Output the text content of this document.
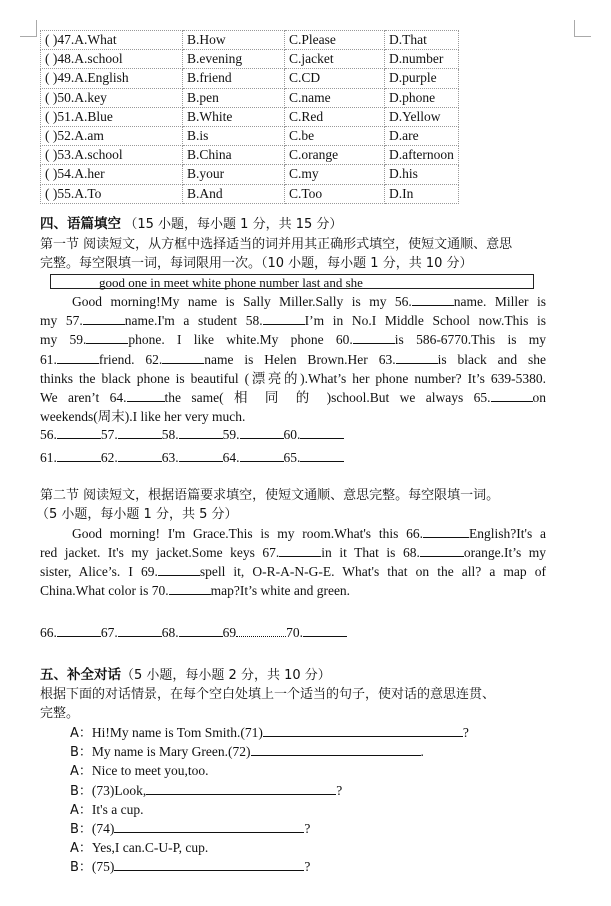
( )47.A.What	B.How	C.Please	D.That
( )48.A.school	B.evening	C.jacket	D.number
( )49.A.English	B.friend	C.CD	D.purple
( )50.A.key	B.pen	C.name	D.phone
( )51.A.Blue	B.White	C.Red	D.Yellow
( )52.A.am	B.is	C.be	D.are
( )53.A.school	B.China	C.orange	D.afternoon
( )54.A.her	B.your	C.my	D.his
( )55.A.To	B.And	C.Too	D.In
四、语篇填空 （15 小题，每小题 1 分，共 15 分）
第一节 阅读短文，从方框中选择适当的词并用其正确形式填空，使短文通顺、意思
完整。每空限填一词，每词限用一次。（10 小题，每小题 1 分，共 10 分）
good one in meet white phone number last and she
Good morning!My name is Sally Miller.Sally is my 56.	name. Miller is
my 57.	name.I'm a student 58.	I’m in No.I Middle School now.This is
my 59.	phone. I like white.My phone 60.	is 586-6770.This is my
61.	friend. 62.	name is Helen Brown.Her 63.	is black and she
thinks the black phone is beautiful (漂亮的).What’s her phone number? It’s 639-5380.
We aren’t 64.	the same( 相 同 的 )school.But we always 65.	on
weekends(周末).I like her very much.
56.	57.	58.	59.	60.
61.	62.	63.	64.	65.
第二节 阅读短文，根据语篇要求填空，使短文通顺、意思完整。每空限填一词。
（5 小题，每小题 1 分，共 5 分）
Good morning! I'm Grace.This is my room.What's this 66.	English?It's a
red jacket. It's my jacket.Some keys 67.	in it That is 68.	orange.It’s my
sister, Alice’s. I 69.	spell it, O-R-A-N-G-E. What's that on the all? a map of
China.What color is 70.	map?It’s white and green.
66.	67.	68.	69	70.
五、补全对话（5 小题，每小题 2 分，共 10 分）
根据下面的对话情景，在每个空白处填上一个适当的句子，使对话的意思连贯、
完整。
A：Hi!My name is Tom Smith.(71)	?
B：My name is Mary Green.(72)	.
A：Nice to meet you,too.
B：(73)Look,	?
A：It's a cup.
B：(74)	?
A：Yes,I can.C-U-P, cup.
B：(75)	?
